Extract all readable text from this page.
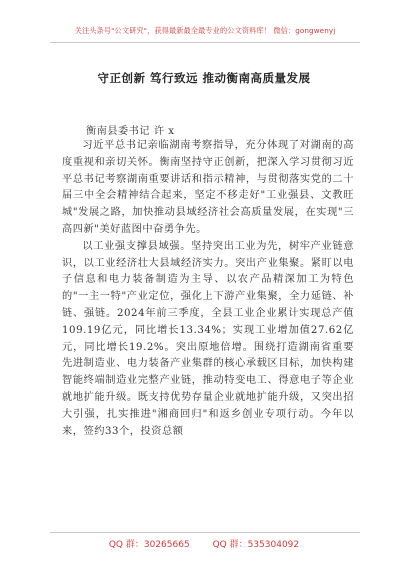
关注头条号"公文研究"，获得最新最全最专业的公文资料库！ 微信：gongwenyj
守正创新 笃行致远 推动衡南高质量发展
衡南县委书记 许 x

习近平总书记亲临湖南考察指导，充分体现了对湖南的高度重视和亲切关怀。衡南坚持守正创新，把深入学习贯彻习近平总书记考察湖南重要讲话和指示精神，与贯彻落实党的二十届三中全会精神结合起来，坚定不移走好"工业强县、文教旺城"发展之路，加快推动县域经济社会高质量发展，在实现"三高四新"美好蓝图中奋勇争先。

以工业强支撑县域强。坚持突出工业为先，树牢产业链意识，以工业经济壮大县域经济实力。突出产业集聚。紧盯以电子信息和电力装备制造为主导、以农产品精深加工为特色的"一主一特"产业定位，强化上下游产业集聚，全力延链、补链、强链。2024年前三季度，全县工业企业累计实现总产值109.19亿元，同比增长13.34%；实现工业增加值27.62亿元，同比增长19.2%。突出原地倍增。围绕打造湖南省重要先进制造业、电力装备产业集群的核心承载区目标，加快构建智能终端制造业完整产业链，推动特变电工、得意电子等企业就地扩能升级。既支持优势存量企业就地扩能升级，又突出招大引强，扎实推进"湘商回归"和返乡创业专项行动。今年以来，签约33个，投资总额

QQ 群：30265665	QQ 群：535304092
